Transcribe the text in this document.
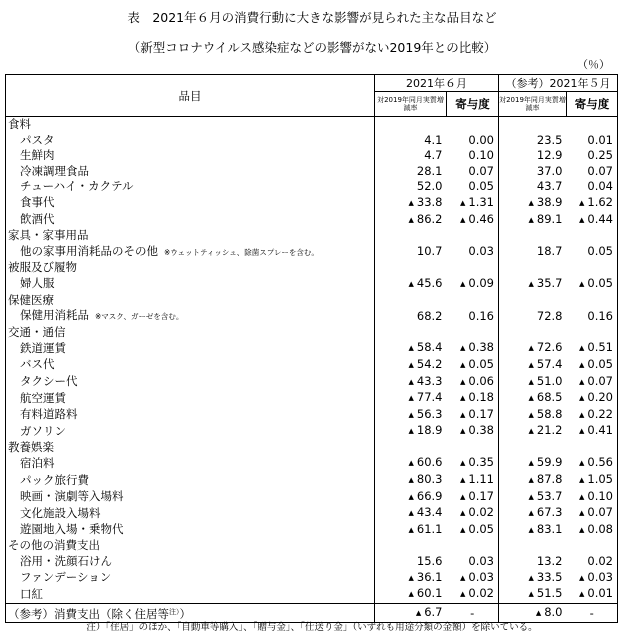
表　2021年６月の消費行動に大きな影響が見られた主な品目など
（新型コロナウイルス感染症などの影響がない2019年との比較）
（％）
品目	2021年６月		（参考）2021年５月	
	対2019年同月実質増減率	寄与度	対2019年同月実質増減率	寄与度
食料				
パスタ	4.1	0.00	23.5	0.01
生鮮肉	4.7	0.10	12.9	0.25
冷凍調理食品	28.1	0.07	37.0	0.07
チューハイ・カクテル	52.0	0.05	43.7	0.04
食事代	▲ 33.8	▲ 1.31	▲ 38.9	▲ 1.62
飲酒代	▲ 86.2	▲ 0.46	▲ 89.1	▲ 0.44
家具・家事用品				
他の家事用消耗品のその他 ※ウェットティッシュ、除菌スプレーを含む。	10.7	0.03	18.7	0.05
被服及び履物				
婦人服	▲ 45.6	▲ 0.09	▲ 35.7	▲ 0.05
保健医療				
保健用消耗品 ※マスク、ガーゼを含む。	68.2	0.16	72.8	0.16
交通・通信				
鉄道運賃	▲ 58.4	▲ 0.38	▲ 72.6	▲ 0.51
バス代	▲ 54.2	▲ 0.05	▲ 57.4	▲ 0.05
タクシー代	▲ 43.3	▲ 0.06	▲ 51.0	▲ 0.07
航空運賃	▲ 77.4	▲ 0.18	▲ 68.5	▲ 0.20
有料道路料	▲ 56.3	▲ 0.17	▲ 58.8	▲ 0.22
ガソリン	▲ 18.9	▲ 0.38	▲ 21.2	▲ 0.41
教養娯楽				
宿泊料	▲ 60.6	▲ 0.35	▲ 59.9	▲ 0.56
パック旅行費	▲ 80.3	▲ 1.11	▲ 87.8	▲ 1.05
映画・演劇等入場料	▲ 66.9	▲ 0.17	▲ 53.7	▲ 0.10
文化施設入場料	▲ 43.4	▲ 0.02	▲ 67.3	▲ 0.07
遊園地入場・乗物代	▲ 61.1	▲ 0.05	▲ 83.1	▲ 0.08
その他の消費支出				
浴用・洗顔石けん	15.6	0.03	13.2	0.02
ファンデーション	▲ 36.1	▲ 0.03	▲ 33.5	▲ 0.03
口紅	▲ 60.1	▲ 0.02	▲ 51.5	▲ 0.01
（参考）消費支出（除く住居等$^{注)}$）	▲ 6.7	-	▲ 8.0	-
注）「住居」のほか、「自動車等購入」、「贈与金」、「仕送り金」（いずれも用途分類の金額）を除いている。
